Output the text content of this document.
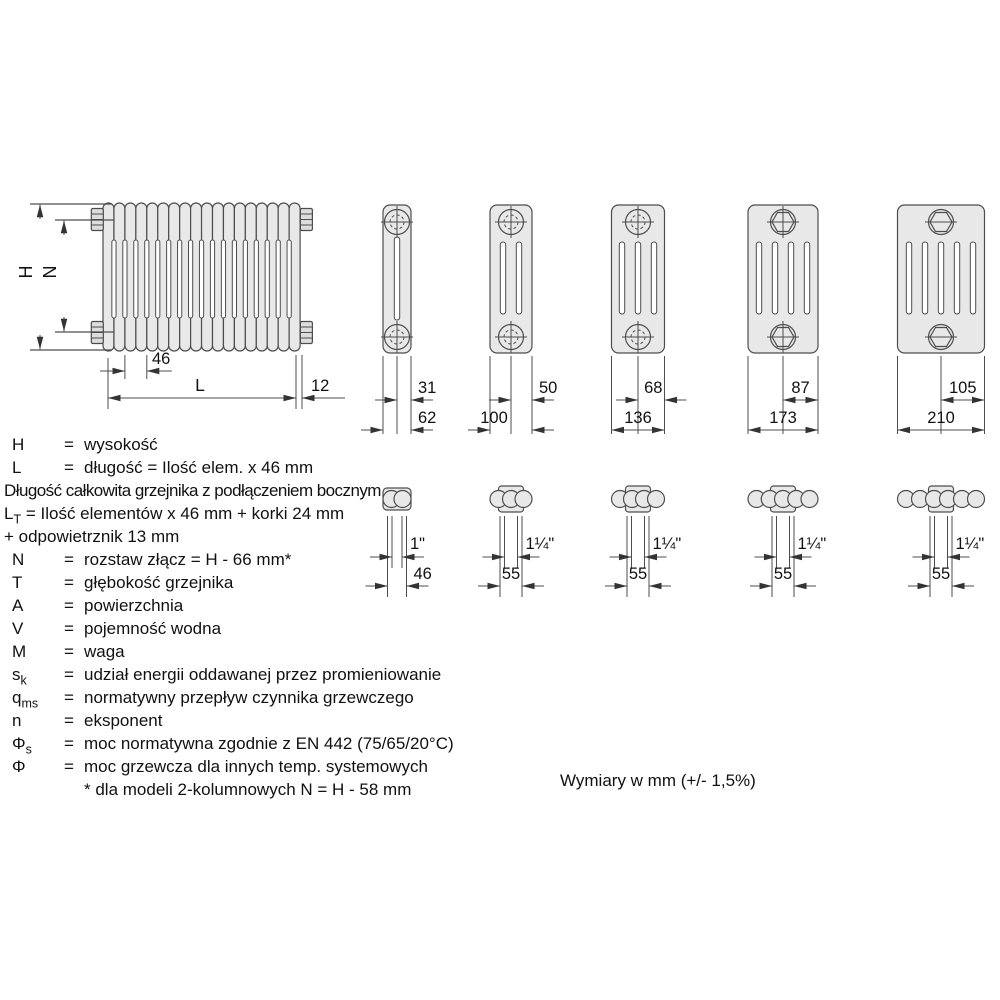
H N
46
L	12	31
62
50
100
68
136
87
173
105
210
1"
46
1¼"
55
1¼"
55
1¼"
55
1¼"
55
H = wysokość
L	= długość = Ilość elem. x 46 mm
Długość całkowita grzejnika z podłączeniem bocznym
$L_T$ = Ilość elementów x 46 mm + korki 24 mm
+ odpowietrznik 13 mm
N = rozstaw złącz = H - 66 mm*
T = głębokość grzejnika
A = powierzchnia
V = pojemność wodna
M = waga
$s_k$ = udział energii oddawanej przez promieniowanie
$q_{ms}$ = normatywny przepływ czynnika grzewczego
n	= eksponent
$\Phi_s$ = moc normatywna zgodnie z EN 442 (75/65/20°C)
Φ = moc grzewcza dla innych temp. systemowych
* dla modeli 2-kolumnowych N = H - 58 mm	Wymiary w mm (+/- 1,5%)
